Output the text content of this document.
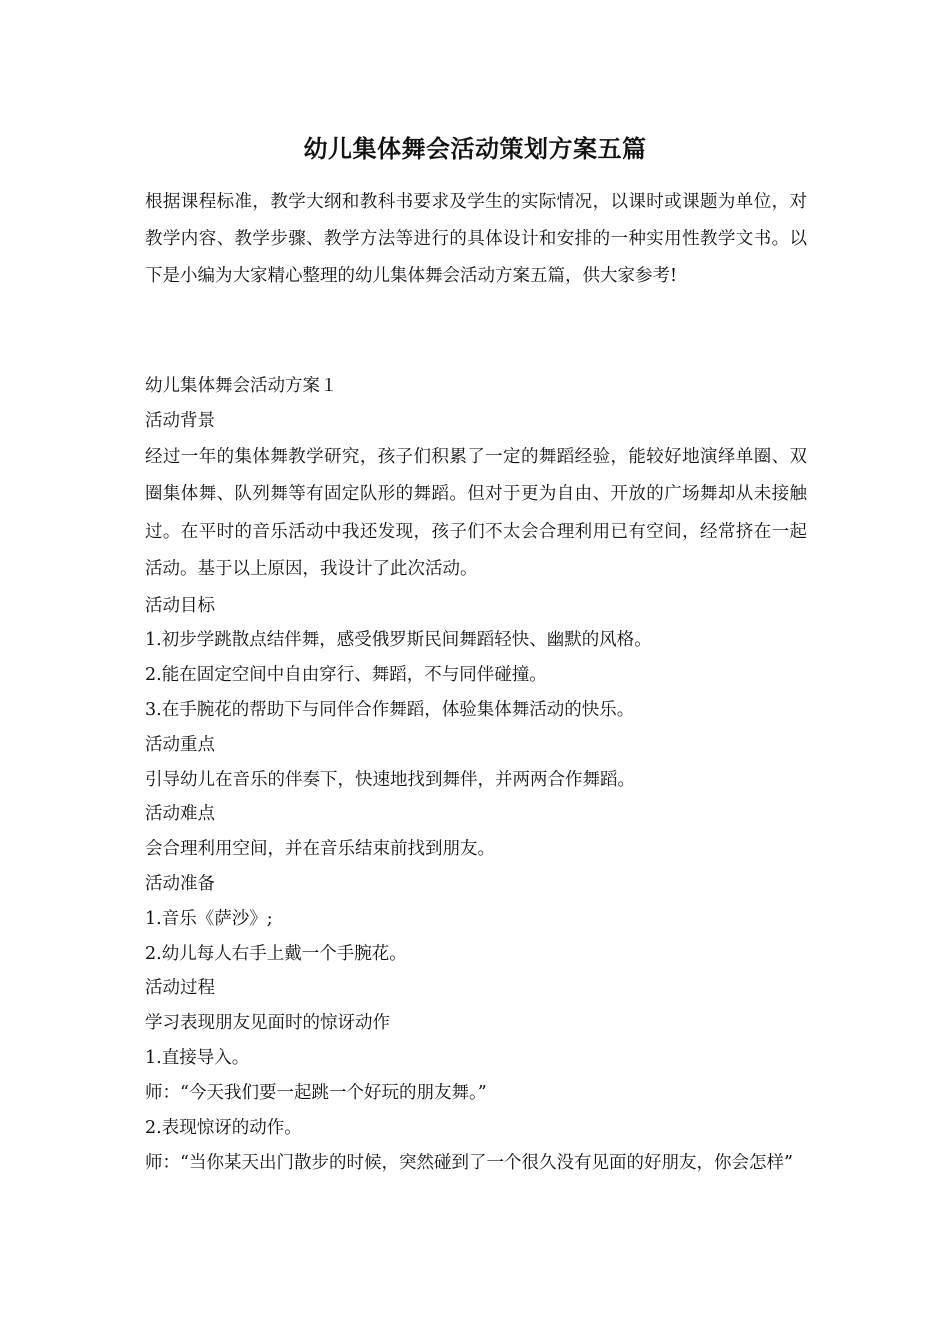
幼儿集体舞会活动策划方案五篇

根据课程标准，教学大纲和教科书要求及学生的实际情况，以课时或课题为单位，对教学内容、教学步骤、教学方法等进行的具体设计和安排的一种实用性教学文书。以下是小编为大家精心整理的幼儿集体舞会活动方案五篇，供大家参考!

幼儿集体舞会活动方案１

活动背景

经过一年的集体舞教学研究，孩子们积累了一定的舞蹈经验，能较好地演绎单圈、双圈集体舞、队列舞等有固定队形的舞蹈。但对于更为自由、开放的广场舞却从未接触过。在平时的音乐活动中我还发现，孩子们不太会合理利用已有空间，经常挤在一起活动。基于以上原因，我设计了此次活动。

活动目标

1.初步学跳散点结伴舞，感受俄罗斯民间舞蹈轻快、幽默的风格。

2.能在固定空间中自由穿行、舞蹈，不与同伴碰撞。

3.在手腕花的帮助下与同伴合作舞蹈，体验集体舞活动的快乐。

活动重点

引导幼儿在音乐的伴奏下，快速地找到舞伴，并两两合作舞蹈。

活动难点

会合理利用空间，并在音乐结束前找到朋友。

活动准备

1.音乐《萨沙》;

2.幼儿每人右手上戴一个手腕花。

活动过程

学习表现朋友见面时的惊讶动作

1.直接导入。

师：“今天我们要一起跳一个好玩的朋友舞。”

2.表现惊讶的动作。

师：“当你某天出门散步的时候，突然碰到了一个很久没有见面的好朋友，你会怎样”
